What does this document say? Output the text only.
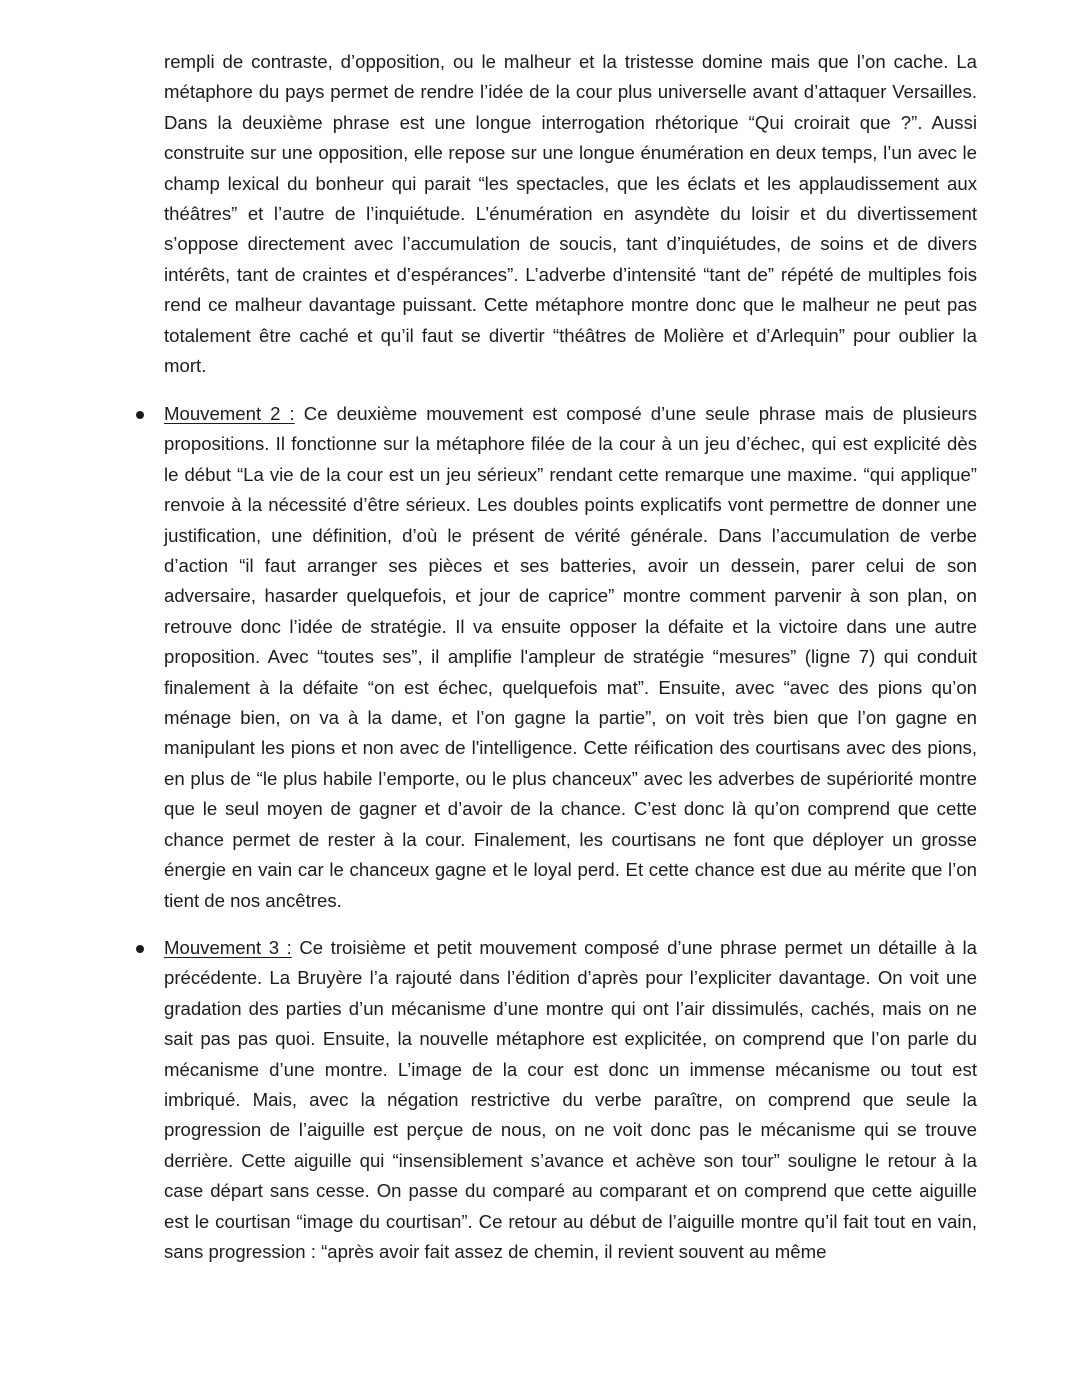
rempli de contraste, d’opposition, ou le malheur et la tristesse domine mais que l’on cache. La métaphore du pays permet de rendre l’idée de la cour plus universelle avant d’attaquer Versailles. Dans la deuxième phrase est une longue interrogation rhétorique “Qui croirait que ?”. Aussi construite sur une opposition, elle repose sur une longue énumération en deux temps, l’un avec le champ lexical du bonheur qui parait “les spectacles, que les éclats et les applaudissement aux théâtres” et l’autre de l’inquiétude. L’énumération en asyndète du loisir et du divertissement s’oppose directement avec l’accumulation de soucis, tant d’inquiétudes, de soins et de divers intérêts, tant de craintes et d’espérances”. L’adverbe d’intensité “tant de” répété de multiples fois rend ce malheur davantage puissant. Cette métaphore montre donc que le malheur ne peut pas totalement être caché et qu’il faut se divertir “théâtres de Molière et d’Arlequin” pour oublier la mort.

Mouvement 2 : Ce deuxième mouvement est composé d’une seule phrase mais de plusieurs propositions. Il fonctionne sur la métaphore filée de la cour à un jeu d’échec, qui est explicité dès le début “La vie de la cour est un jeu sérieux” rendant cette remarque une maxime. “qui applique” renvoie à la nécessité d’être sérieux. Les doubles points explicatifs vont permettre de donner une justification, une définition, d’où le présent de vérité générale. Dans l’accumulation de verbe d’action “il faut arranger ses pièces et ses batteries, avoir un dessein, parer celui de son adversaire, hasarder quelquefois, et jour de caprice” montre comment parvenir à son plan, on retrouve donc l’idée de stratégie. Il va ensuite opposer la défaite et la victoire dans une autre proposition. Avec “toutes ses”, il amplifie l'ampleur de stratégie “mesures” (ligne 7) qui conduit finalement à la défaite “on est échec, quelquefois mat”. Ensuite, avec “avec des pions qu’on ménage bien, on va à la dame, et l’on gagne la partie”, on voit très bien que l’on gagne en manipulant les pions et non avec de l'intelligence. Cette réification des courtisans avec des pions, en plus de “le plus habile l’emporte, ou le plus chanceux” avec les adverbes de supériorité montre que le seul moyen de gagner et d’avoir de la chance. C’est donc là qu’on comprend que cette chance permet de rester à la cour. Finalement, les courtisans ne font que déployer un grosse énergie en vain car le chanceux gagne et le loyal perd. Et cette chance est due au mérite que l’on tient de nos ancêtres.

Mouvement 3 : Ce troisième et petit mouvement composé d’une phrase permet un détaille à la précédente. La Bruyère l’a rajouté dans l’édition d’après pour l’expliciter davantage. On voit une gradation des parties d’un mécanisme d’une montre qui ont l’air dissimulés, cachés, mais on ne sait pas pas quoi. Ensuite, la nouvelle métaphore est explicitée, on comprend que l’on parle du mécanisme d’une montre. L’image de la cour est donc un immense mécanisme ou tout est imbriqué. Mais, avec la négation restrictive du verbe paraître, on comprend que seule la progression de l’aiguille est perçue de nous, on ne voit donc pas le mécanisme qui se trouve derrière. Cette aiguille qui “insensiblement s’avance et achève son tour” souligne le retour à la case départ sans cesse. On passe du comparé au comparant et on comprend que cette aiguille est le courtisan “image du courtisan”. Ce retour au début de l’aiguille montre qu’il fait tout en vain, sans progression : “après avoir fait assez de chemin, il revient souvent au même
